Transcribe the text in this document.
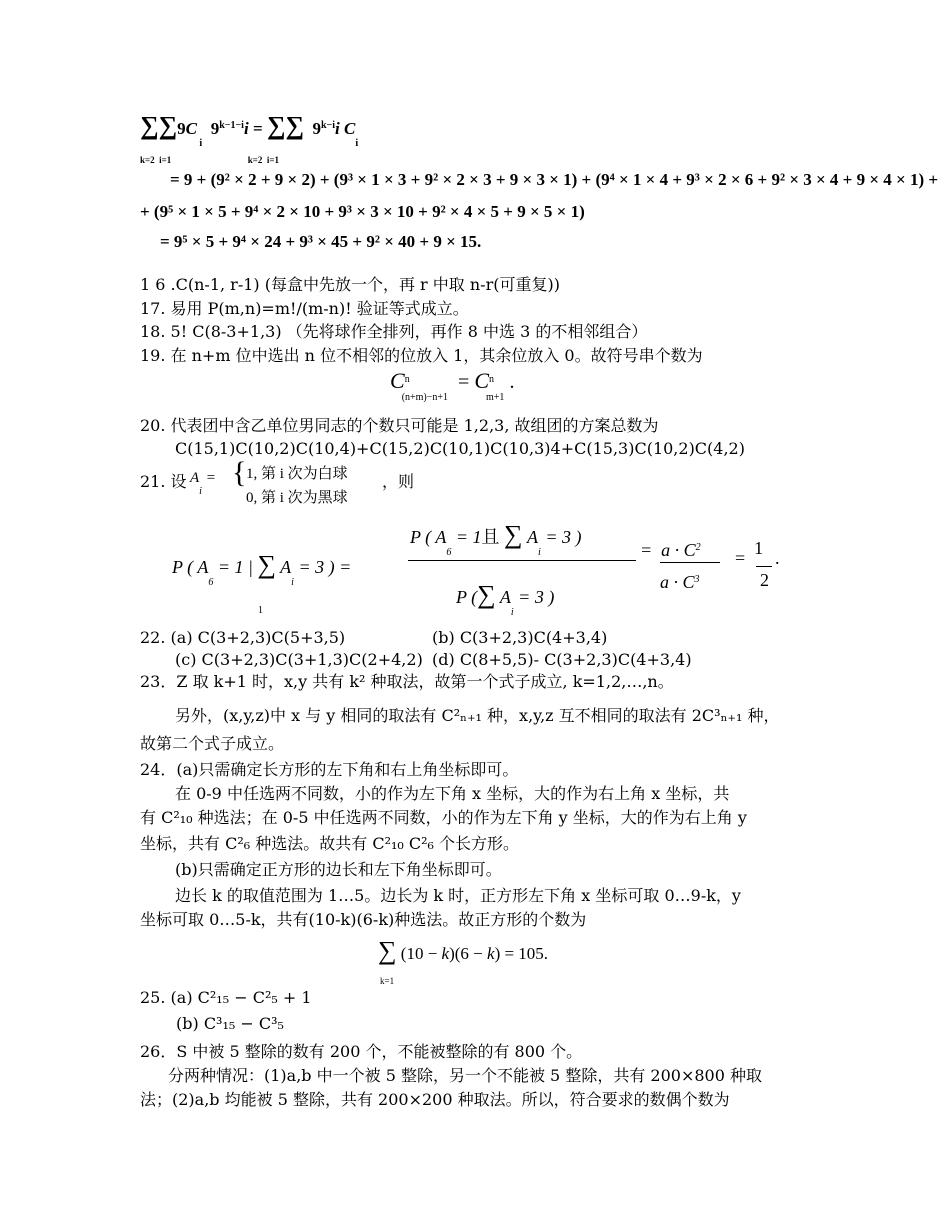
∑∑9C $_i$  $9^{k-1-i}i$ = ∑∑  $9^{k-i}i$ $C_i$
k=2  i=1                                  k=2  i=1
= 9 + (9² × 2 + 9 × 2) + (9³ × 1 × 3 + 9² × 2 × 3 + 9 × 3 × 1) + (9⁴ × 1 × 4 + 9³ × 2 × 6 + 9² × 3 × 4 + 9 × 4 × 1) +
+ (9⁵ × 1 × 5 + 9⁴ × 2 × 10 + 9³ × 3 × 10 + 9² × 4 × 5 + 9 × 5 × 1)
= 9⁵ × 5 + 9⁴ × 24 + 9³ × 45 + 9² × 40 + 9 × 15.
1 6 .C(n-1, r-1) (每盒中先放一个，再 r 中取 n-r(可重复))
17. 易用 P(m,n)=m!/(m-n)! 验证等式成立。
18. 5! C(8-3+1,3) （先将球作全排列，再作 8 中选 3 的不相邻组合）
19. 在 n+m 位中选出 n 位不相邻的位放入 1，其余位放入 0。故符号串个数为
$C^n_{(n+m)-n+1} = C^n_{m+1}$ .
20. 代表团中含乙单位男同志的个数只可能是 1,2,3, 故组团的方案总数为
C(15,1)C(10,2)C(10,4)+C(15,2)C(10,1)C(10,3)4+C(15,3)C(10,2)C(4,2)
21. 设 $A_i$ = { 1, 第 i 次为白球
0, 第 i 次为黑球
，则
P ( $A_6 = 1$ | ∑ $A_i = 3$ ) =
1
P ( $A_6 = 1$且 ∑ $A_i = 3$ )
P (∑ $A_i = 3$ )
=  $a \cdot C^2$
$a \cdot C^3$
=  1
2
.
22. (a) C(3+2,3)C(5+3,5)	(b) C(3+2,3)C(4+3,4)
(c) C(3+2,3)C(3+1,3)C(2+4,2) (d) C(8+5,5)- C(3+2,3)C(4+3,4)
23．Z 取 k+1 时，x,y 共有 k² 种取法，故第一个式子成立, k=1,2,…,n。
另外，(x,y,z)中 x 与 y 相同的取法有 C²ₙ₊₁ 种，x,y,z 互不相同的取法有 2C³ₙ₊₁ 种，
故第二个式子成立。
24．(a)只需确定长方形的左下角和右上角坐标即可。
在 0-9 中任选两不同数，小的作为左下角 x 坐标，大的作为右上角 x 坐标，共
有 C²₁₀ 种选法；在 0-5 中任选两不同数，小的作为左下角 y 坐标，大的作为右上角 y
坐标，共有 C²₆ 种选法。故共有 C²₁₀ C²₆ 个长方形。
(b)只需确定正方形的边长和左下角坐标即可。
边长 k 的取值范围为 1…5。边长为 k 时，正方形左下角 x 坐标可取 0…9-k，y
坐标可取 0…5-k，共有(10-k)(6-k)种选法。故正方形的个数为
∑ (10 − k)(6 − k) = 105.
k=1
25. (a) C²₁₅ − C²₅ + 1
(b) C³₁₅ − C³₅
26．S 中被 5 整除的数有 200 个，不能被整除的有 800 个。
分两种情况：(1)a,b 中一个被 5 整除，另一个不能被 5 整除，共有 200×800 种取
法；(2)a,b 均能被 5 整除，共有 200×200 种取法。所以，符合要求的数偶个数为
